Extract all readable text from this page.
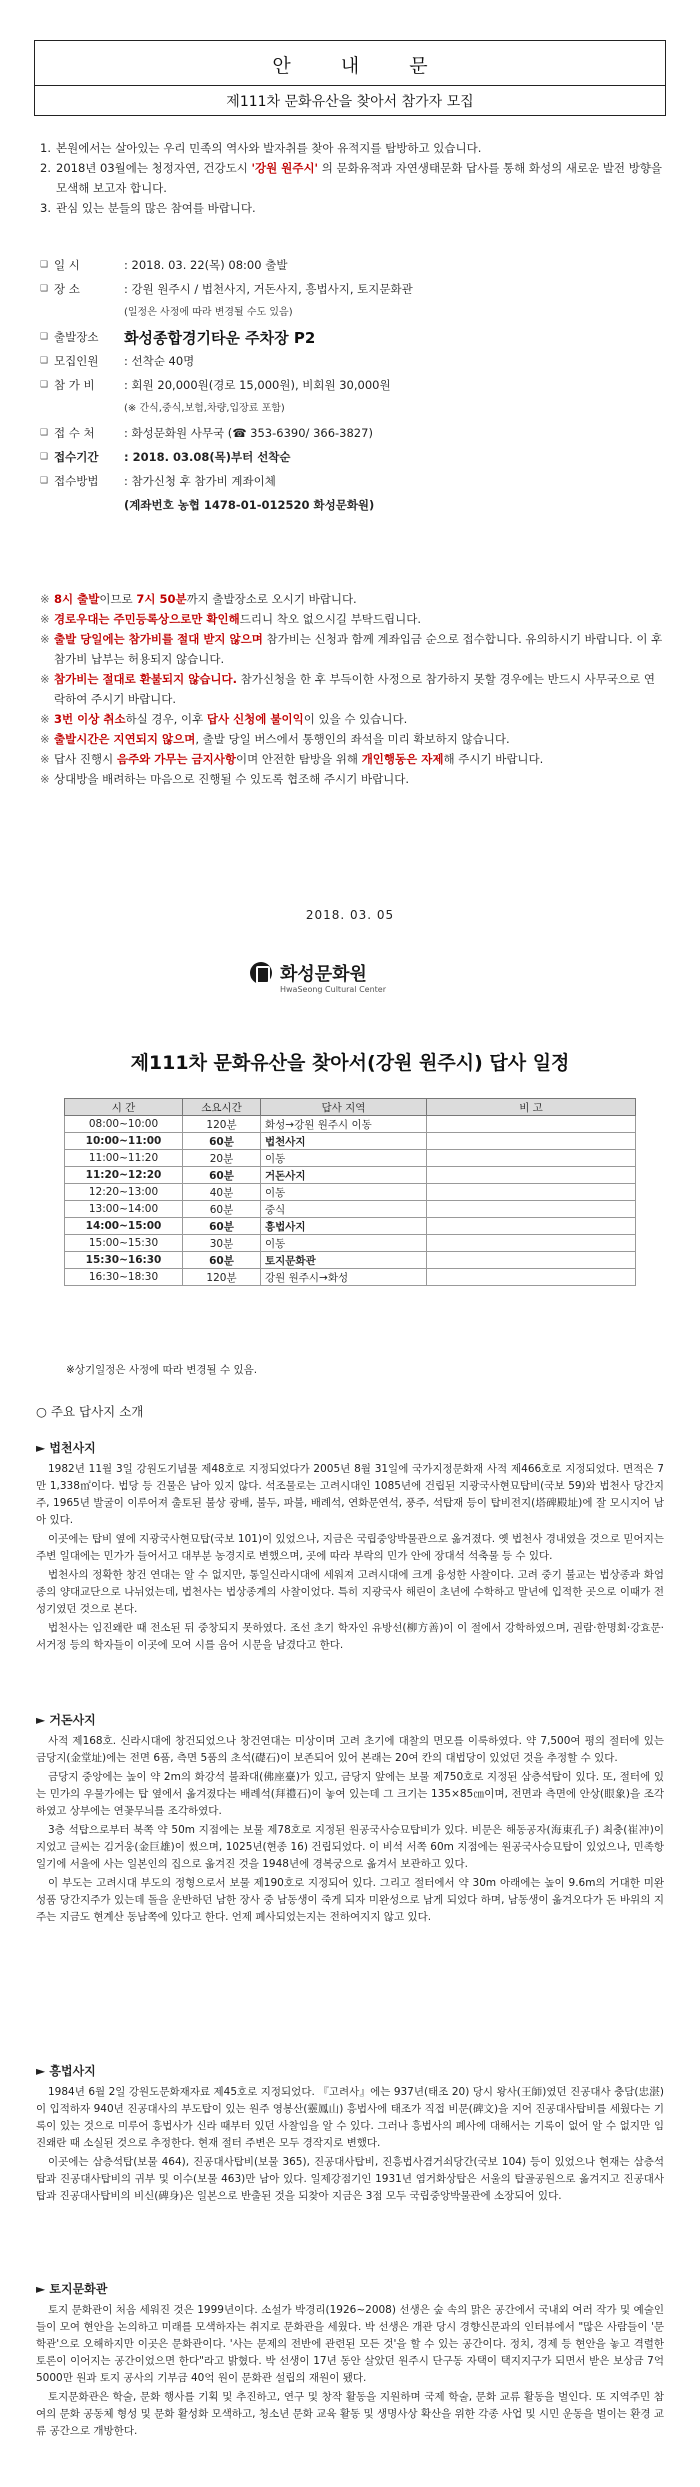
안 내 문
제111차 문화유산을 찾아서 참가자 모집
1. 본원에서는 살아있는 우리 민족의 역사와 발자취를 찾아 유적지를 탐방하고 있습니다.
2. 2018년 03월에는 청정자연, 건강도시 '강원 원주시' 의 문화유적과 자연생태문화 답사를 통해 화성의 새로운 발전 방향을 모색해 보고자 합니다.
3. 관심 있는 분들의 많은 참여를 바랍니다.
❑ 일 시	: 2018. 03. 22(목) 08:00 출발
❑ 장 소	: 강원 원주시 / 법천사지, 거돈사지, 흥법사지, 토지문화관
(일정은 사정에 따라 변경될 수도 있음)
❑ 출발장소	화성종합경기타운 주차장 P2
❑ 모집인원	: 선착순 40명
❑ 참 가 비	: 회원 20,000원(경로 15,000원), 비회원 30,000원
(※ 간식,중식,보험,차량,입장료 포함)
❑ 접 수 처	: 화성문화원 사무국 (☎ 353-6390/ 366-3827)
❑ 접수기간	: 2018. 03.08(목)부터 선착순
❑ 접수방법	: 참가신청 후 참가비 계좌이체
(계좌번호 농협 1478-01-012520 화성문화원)
※ 8시 출발이므로 7시 50분까지 출발장소로 오시기 바랍니다.
※ 경로우대는 주민등록상으로만 확인해드리니 착오 없으시길 부탁드립니다.
※ 출발 당일에는 참가비를 절대 받지 않으며 참가비는 신청과 함께 계좌입금 순으로 접수합니다. 유의하시기 바랍니다. 이 후 참가비 납부는 허용되지 않습니다.
※ 참가비는 절대로 환불되지 않습니다. 참가신청을 한 후 부득이한 사정으로 참가하지 못할 경우에는 반드시 사무국으로 연락하여 주시기 바랍니다.
※ 3번 이상 취소하실 경우, 이후 답사 신청에 불이익이 있을 수 있습니다.
※ 출발시간은 지연되지 않으며, 출발 당일 버스에서 통행인의 좌석을 미리 확보하지 않습니다.
※ 답사 진행시 음주와 가무는 금지사항이며 안전한 탐방을 위해 개인행동은 자제해 주시기 바랍니다.
※ 상대방을 배려하는 마음으로 진행될 수 있도록 협조해 주시기 바랍니다.
2018. 03. 05
화성문화원
HwaSeong Cultural Center
제111차 문화유산을 찾아서(강원 원주시) 답사 일정
시 간	소요시간	답사 지역	비 고
08:00~10:00	120분	화성→강원 원주시 이동	
10:00~11:00	60분	법천사지	
11:00~11:20	20분	이동	
11:20~12:20	60분	거돈사지	
12:20~13:00	40분	이동	
13:00~14:00	60분	중식	
14:00~15:00	60분	흥법사지	
15:00~15:30	30분	이동	
15:30~16:30	60분	토지문화관	
16:30~18:30	120분	강원 원주시→화성	
※상기일정은 사정에 따라 변경될 수 있음.
○ 주요 답사지 소개
► 법천사지

1982년 11월 3일 강원도기념물 제48호로 지정되었다가 2005년 8월 31일에 국가지정문화재 사적 제466호로 지정되었다. 면적은 7만 1,338㎡이다. 법당 등 건물은 남아 있지 않다. 석조물로는 고려시대인 1085년에 건립된 지광국사현묘탑비(국보 59)와 법천사 당간지주, 1965년 발굴이 이루어져 출토된 불상 광배, 불두, 파불, 배례석, 연화문연석, 풍주, 석탑재 등이 탑비전지(塔碑殿址)에 잘 모시지어 남아 있다.

이곳에는 탑비 옆에 지광국사현묘탑(국보 101)이 있었으나, 지금은 국립중앙박물관으로 옮겨졌다. 옛 법천사 경내였을 것으로 믿어지는 주변 일대에는 민가가 들어서고 대부분 농경지로 변했으며, 곳에 따라 부락의 민가 안에 장대석 석축물 등 수 있다.

법천사의 정확한 창건 연대는 알 수 없지만, 통일신라시대에 세워져 고려시대에 크게 융성한 사찰이다. 고려 중기 불교는 법상종과 화엄종의 양대교단으로 나뉘었는데, 법천사는 법상종계의 사찰이었다. 특히 지광국사 해린이 초년에 수학하고 말년에 입적한 곳으로 이때가 전성기였던 것으로 본다.

법천사는 임진왜란 때 전소된 뒤 중창되지 못하였다. 조선 초기 학자인 유방선(柳方善)이 이 절에서 강학하였으며, 권람·한명회·강효문·서거정 등의 학자들이 이곳에 모여 시를 음어 시문을 남겼다고 한다.

► 거돈사지

사적 제168호. 신라시대에 창건되었으나 창건연대는 미상이며 고려 초기에 대찰의 면모를 이룩하였다. 약 7,500여 평의 절터에 있는 금당지(金堂址)에는 전면 6품, 측면 5품의 초석(礎石)이 보존되어 있어 본래는 20여 칸의 대법당이 있었던 것을 추정할 수 있다.

금당지 중앙에는 높이 약 2m의 화강석 불좌대(佛座臺)가 있고, 금당지 앞에는 보물 제750호로 지정된 삼층석탑이 있다. 또, 절터에 있는 민가의 우물가에는 탑 옆에서 옮겨졌다는 배례석(拜禮石)이 놓여 있는데 그 크기는 135×85㎝이며, 전면과 측면에 안상(眼象)을 조각하였고 상부에는 연꽃무늬를 조각하였다.

3층 석탑으로부터 북쪽 약 50m 지점에는 보물 제78호로 지정된 원공국사승묘탑비가 있다. 비문은 해동공자(海東孔子) 최충(崔冲)이 지었고 글씨는 김거웅(金巨雄)이 썼으며, 1025년(현종 16) 건립되었다. 이 비석 서쪽 60m 지점에는 원공국사승묘탑이 있었으나, 민족항일기에 서울에 사는 일본인의 집으로 옮겨진 것을 1948년에 경복궁으로 옮겨서 보관하고 있다.

이 부도는 고려시대 부도의 정형으로서 보물 제190호로 지정되어 있다. 그리고 절터에서 약 30m 아래에는 높이 9.6m의 거대한 미완성품 당간지주가 있는데 돌을 운반하던 남한 장사 중 남동생이 죽게 되자 미완성으로 남게 되었다 하며, 남동생이 옮겨오다가 돈 바위의 지주는 지금도 현계산 동남쪽에 있다고 한다. 언제 폐사되었는지는 전하여지지 않고 있다.

► 흥법사지

1984년 6월 2일 강원도문화재자료 제45호로 지정되었다. 『고려사』에는 937년(태조 20) 당시 왕사(王師)였던 진공대사 충담(忠湛)이 입적하자 940년 진공대사의 부도탑이 있는 원주 영봉산(靈鳳山) 흥법사에 태조가 직접 비문(碑文)을 지어 진공대사탑비를 세웠다는 기록이 있는 것으로 미루어 흥법사가 신라 때부터 있던 사찰임을 알 수 있다. 그러나 흥법사의 폐사에 대해서는 기록이 없어 알 수 없지만 임진왜란 때 소실된 것으로 추정한다. 현재 절터 주변은 모두 경작지로 변했다.

이곳에는 삼층석탑(보물 464), 진공대사탑비(보물 365), 진공대사탑비, 진흥법사겸거쇠당간(국보 104) 등이 있었으나 현재는 삼층석탑과 진공대사탑비의 귀부 및 이수(보물 463)만 남아 있다. 일제강점기인 1931년 염거화상탑은 서울의 탑골공원으로 옮겨지고 진공대사탑과 진공대사탑비의 비신(碑身)은 일본으로 반출된 것을 되찾아 지금은 3점 모두 국립중앙박물관에 소장되어 있다.

► 토지문화관

토지 문화관이 처음 세워진 것은 1999년이다. 소설가 박경리(1926~2008) 선생은 숲 속의 맑은 공간에서 국내외 여러 작가 및 예술인들이 모여 현안을 논의하고 미래를 모색하자는 취지로 문화관을 세웠다. 박 선생은 개관 당시 경향신문과의 인터뷰에서 "많은 사람들이 '문학관'으로 오해하지만 이곳은 문화관이다. '사는 문제의 전반에 관련된 모든 것'을 할 수 있는 공간이다. 정치, 경제 등 현안을 놓고 격렬한 토론이 이어지는 공간이었으면 한다"라고 밝혔다. 박 선생이 17년 동안 살았던 원주시 단구동 자택이 택지지구가 되면서 받은 보상금 7억 5000만 원과 토지 공사의 기부금 40억 원이 문화관 설립의 재원이 됐다.

토지문화관은 학술, 문화 행사를 기획 및 추진하고, 연구 및 창작 활동을 지원하며 국제 학술, 문화 교류 활동을 벌인다. 또 지역주민 참여의 문화 공동체 형성 및 문화 활성화 모색하고, 청소년 문화 교육 활동 및 생명사상 확산을 위한 각종 사업 및 시민 운동을 벌이는 환경 교류 공간으로 개방한다.
